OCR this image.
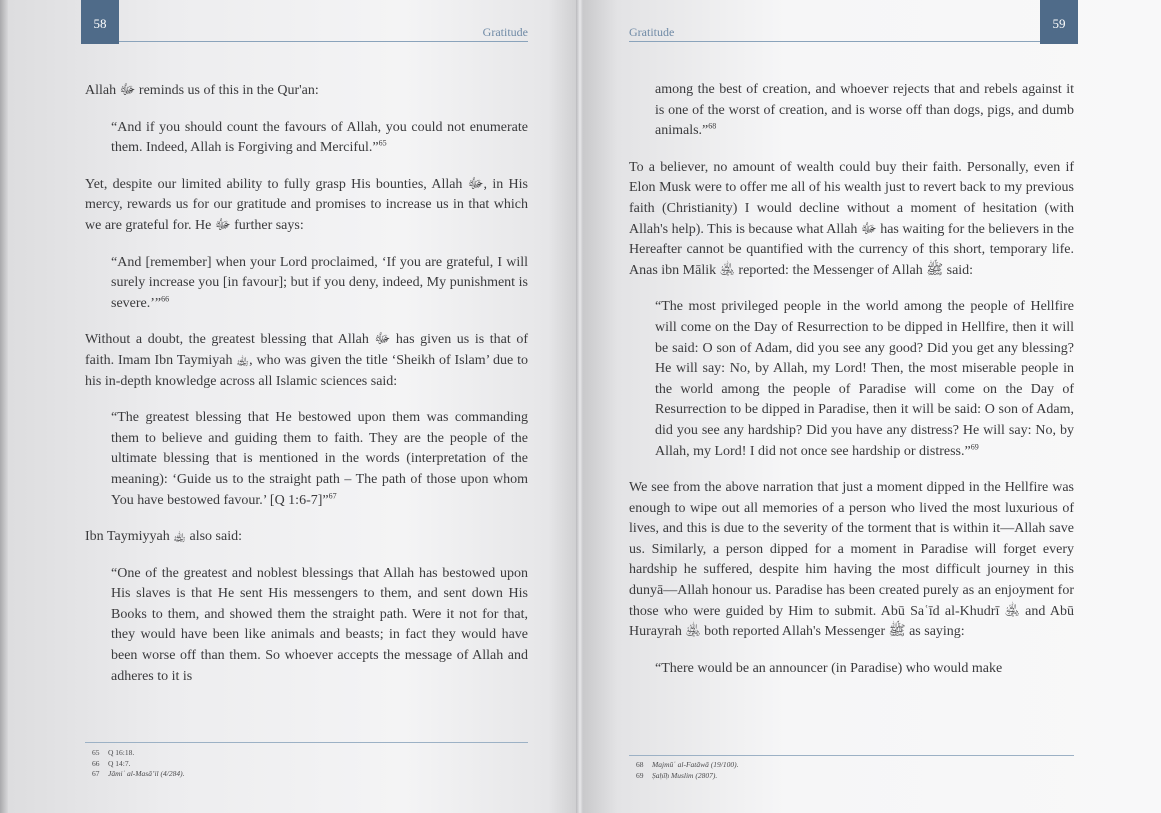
58
Gratitude

Allah ﷻ reminds us of this in the Qur'an:

“And if you should count the favours of Allah, you could not enumerate them. Indeed, Allah is Forgiving and Merciful.”$^{65}$

Yet, despite our limited ability to fully grasp His bounties, Allah ﷻ, in His mercy, rewards us for our gratitude and promises to increase us in that which we are grateful for. He ﷻ further says:

“And [remember] when your Lord proclaimed, ‘If you are grateful, I will surely increase you [in favour]; but if you deny, indeed, My punishment is severe.’”$^{66}$

Without a doubt, the greatest blessing that Allah ﷻ has given us is that of faith. Imam Ibn Taymiyah ﵀, who was given the title ‘Sheikh of Islam’ due to his in-depth knowledge across all Islamic sciences said:

“The greatest blessing that He bestowed upon them was commanding them to believe and guiding them to faith. They are the people of the ultimate blessing that is mentioned in the words (interpretation of the meaning): ‘Guide us to the straight path – The path of those upon whom You have bestowed favour.’ [Q 1:6-7]”$^{67}$

Ibn Taymiyyah ﵀ also said:

“One of the greatest and noblest blessings that Allah has bestowed upon His slaves is that He sent His messengers to them, and sent down His Books to them, and showed them the straight path. Were it not for that, they would have been like animals and beasts; in fact they would have been worse off than them. So whoever accepts the message of Allah and adheres to it is

65 Q 16:18.
66 Q 14:7.
67 Jāmiʿ al-Masāʼil (4/284).
Gratitude
59

among the best of creation, and whoever rejects that and rebels against it is one of the worst of creation, and is worse off than dogs, pigs, and dumb animals.”$^{68}$

To a believer, no amount of wealth could buy their faith. Personally, even if Elon Musk were to offer me all of his wealth just to revert back to my previous faith (Christianity) I would decline without a moment of hesitation (with Allah's help). This is because what Allah ﷻ has waiting for the believers in the Hereafter cannot be quantified with the currency of this short, temporary life. Anas ibn Mālik ﵁ reported: the Messenger of Allah ﷺ said:

“The most privileged people in the world among the people of Hellfire will come on the Day of Resurrection to be dipped in Hellfire, then it will be said: O son of Adam, did you see any good? Did you get any blessing? He will say: No, by Allah, my Lord! Then, the most miserable people in the world among the people of Paradise will come on the Day of Resurrection to be dipped in Paradise, then it will be said: O son of Adam, did you see any hardship? Did you have any distress? He will say: No, by Allah, my Lord! I did not once see hardship or distress.”$^{69}$

We see from the above narration that just a moment dipped in the Hellfire was enough to wipe out all memories of a person who lived the most luxurious of lives, and this is due to the severity of the torment that is within it—Allah save us. Similarly, a person dipped for a moment in Paradise will forget every hardship he suffered, despite him having the most difficult journey in this dunyā—Allah honour us. Paradise has been created purely as an enjoyment for those who were guided by Him to submit. Abū Saʿīd al-Khudrī ﵁ and Abū Hurayrah ﵁ both reported Allah's Messenger ﷺ as saying:

“There would be an announcer (in Paradise) who would make

68 Majmūʿ al-Fatāwā (19/100).
69 Ṣaḥīḥ Muslim (2807).
